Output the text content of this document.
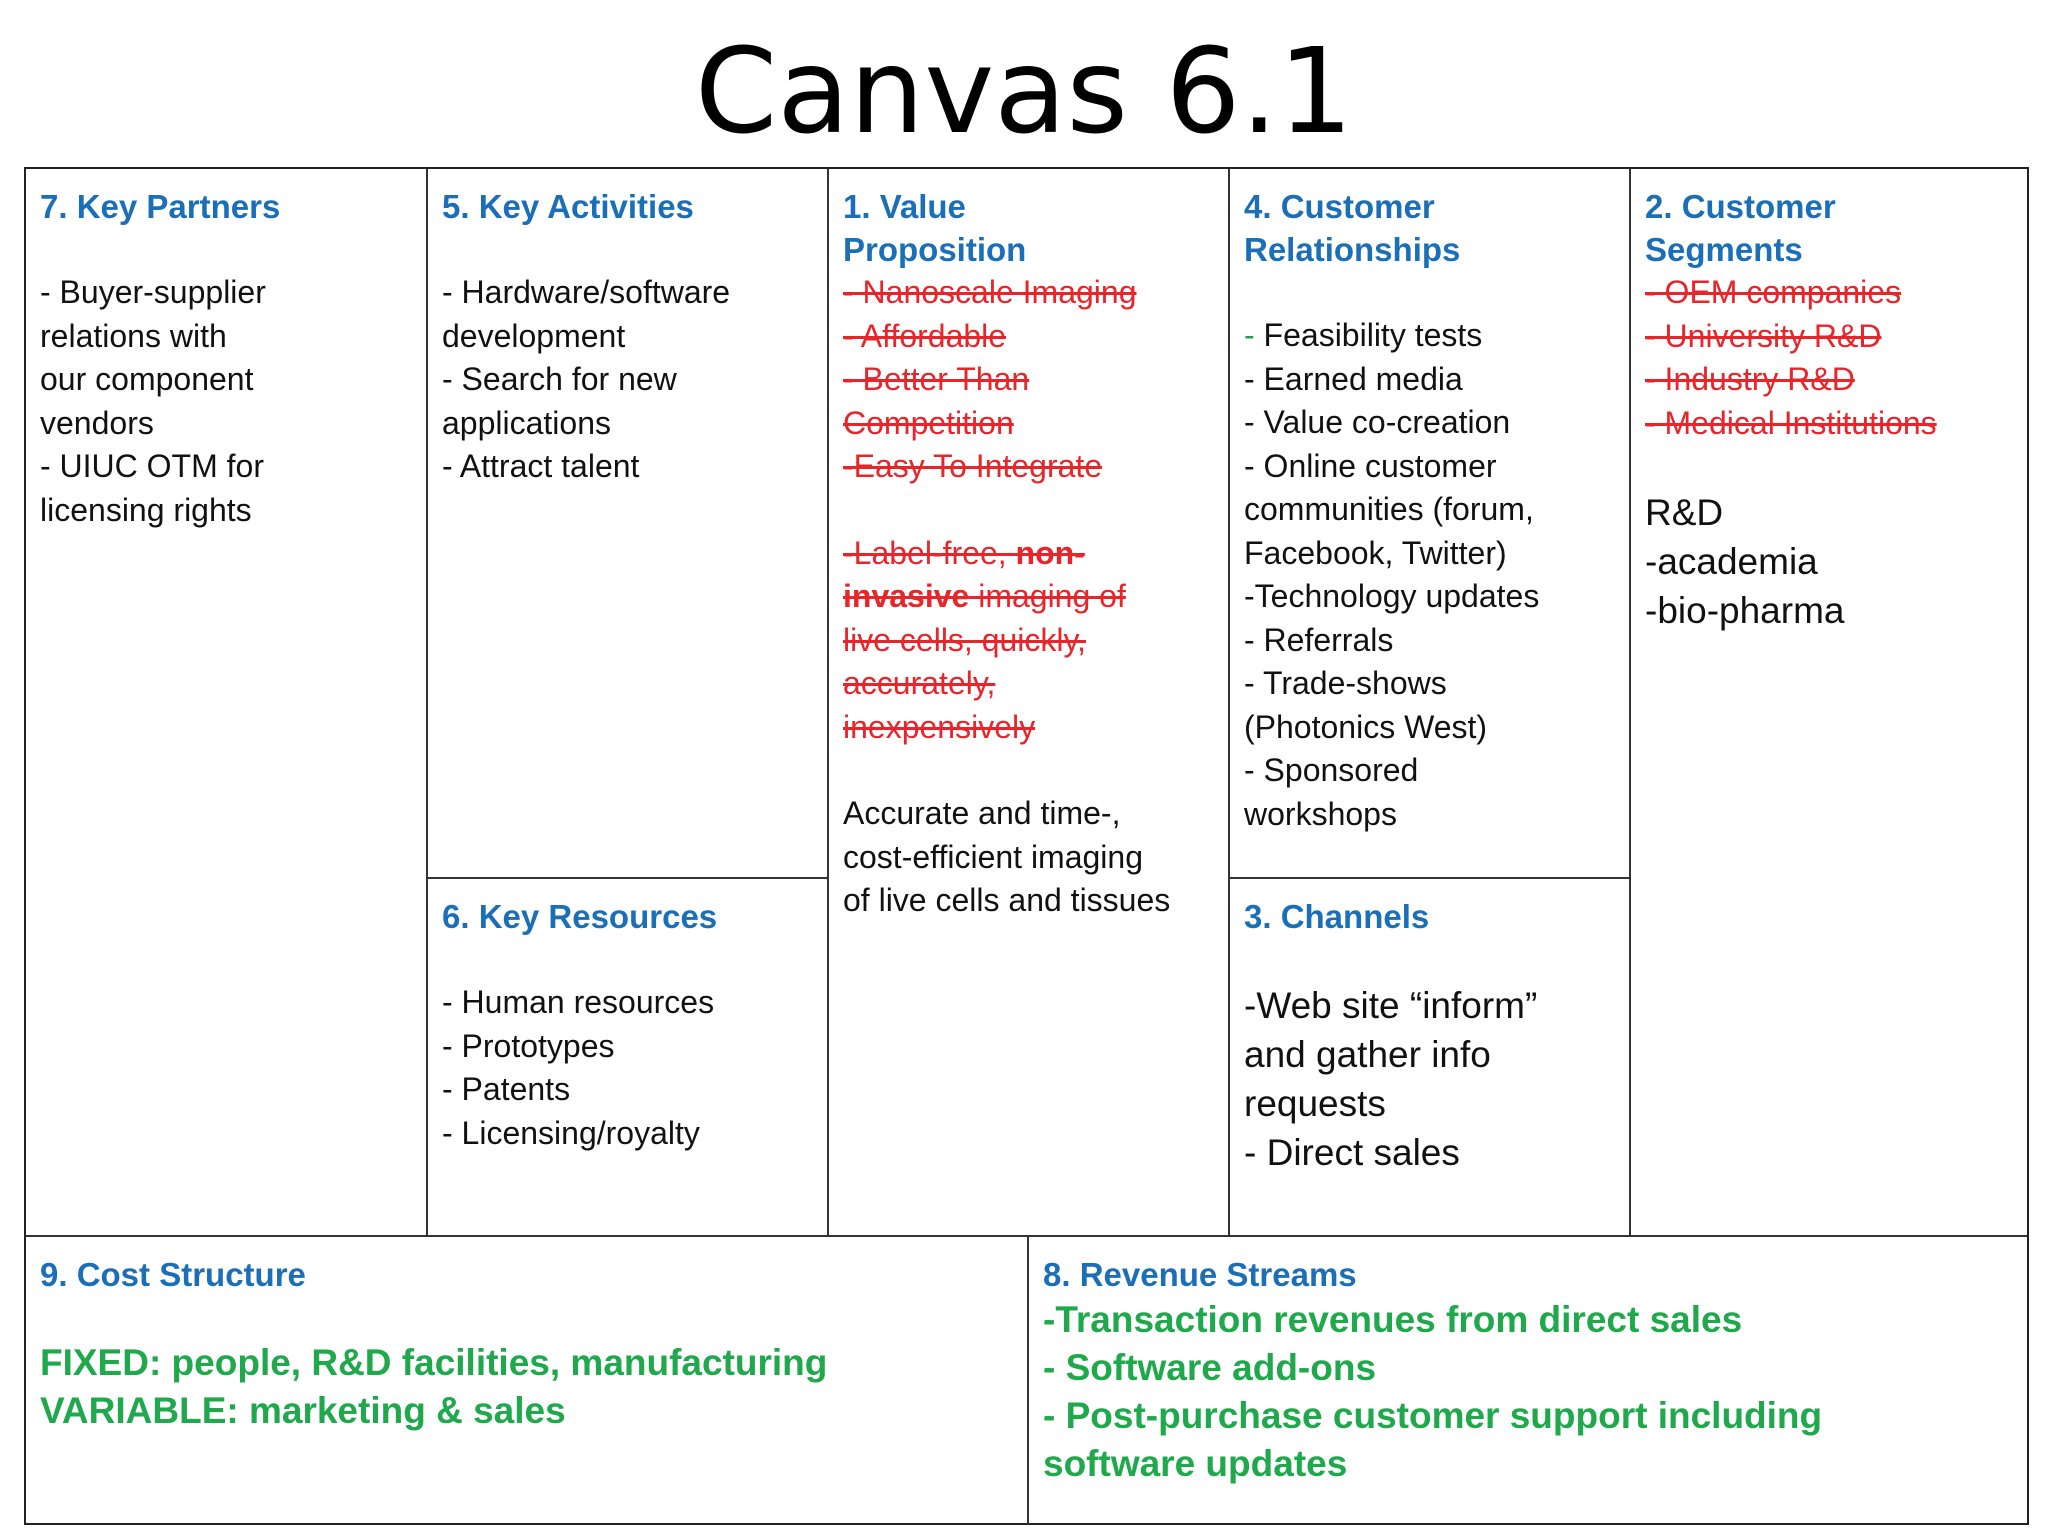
Canvas 6.1
7. Key Partners
- Buyer-supplier
relations with
our component
vendors
- UIUC OTM for
licensing rights
5. Key Activities
- Hardware/software
development
- Search for new
applications
- Attract talent
6. Key Resources
- Human resources
- Prototypes
- Patents
- Licensing/royalty
1. Value
Proposition
- Nanoscale Imaging
- Affordable
- Better Than
Competition
-Easy To Integrate
-Label-free, non-
invasive imaging of
live cells, quickly,
accurately,
inexpensively
Accurate and time-,
cost-efficient imaging
of live cells and tissues
4. Customer
Relationships
- Feasibility tests
- Earned media
- Value co-creation
- Online customer
communities (forum,
Facebook, Twitter)
-Technology updates
- Referrals
- Trade-shows
(Photonics West)
- Sponsored
workshops
3. Channels
-Web site “inform”
and gather info
requests
- Direct sales
2. Customer
Segments
- OEM companies
- University R&D
- Industry R&D
- Medical Institutions
R&D
-academia
-bio-pharma
9. Cost Structure
FIXED: people, R&D facilities, manufacturing
VARIABLE: marketing & sales
8. Revenue Streams
-Transaction revenues from direct sales
- Software add-ons
- Post-purchase customer support including
software updates
